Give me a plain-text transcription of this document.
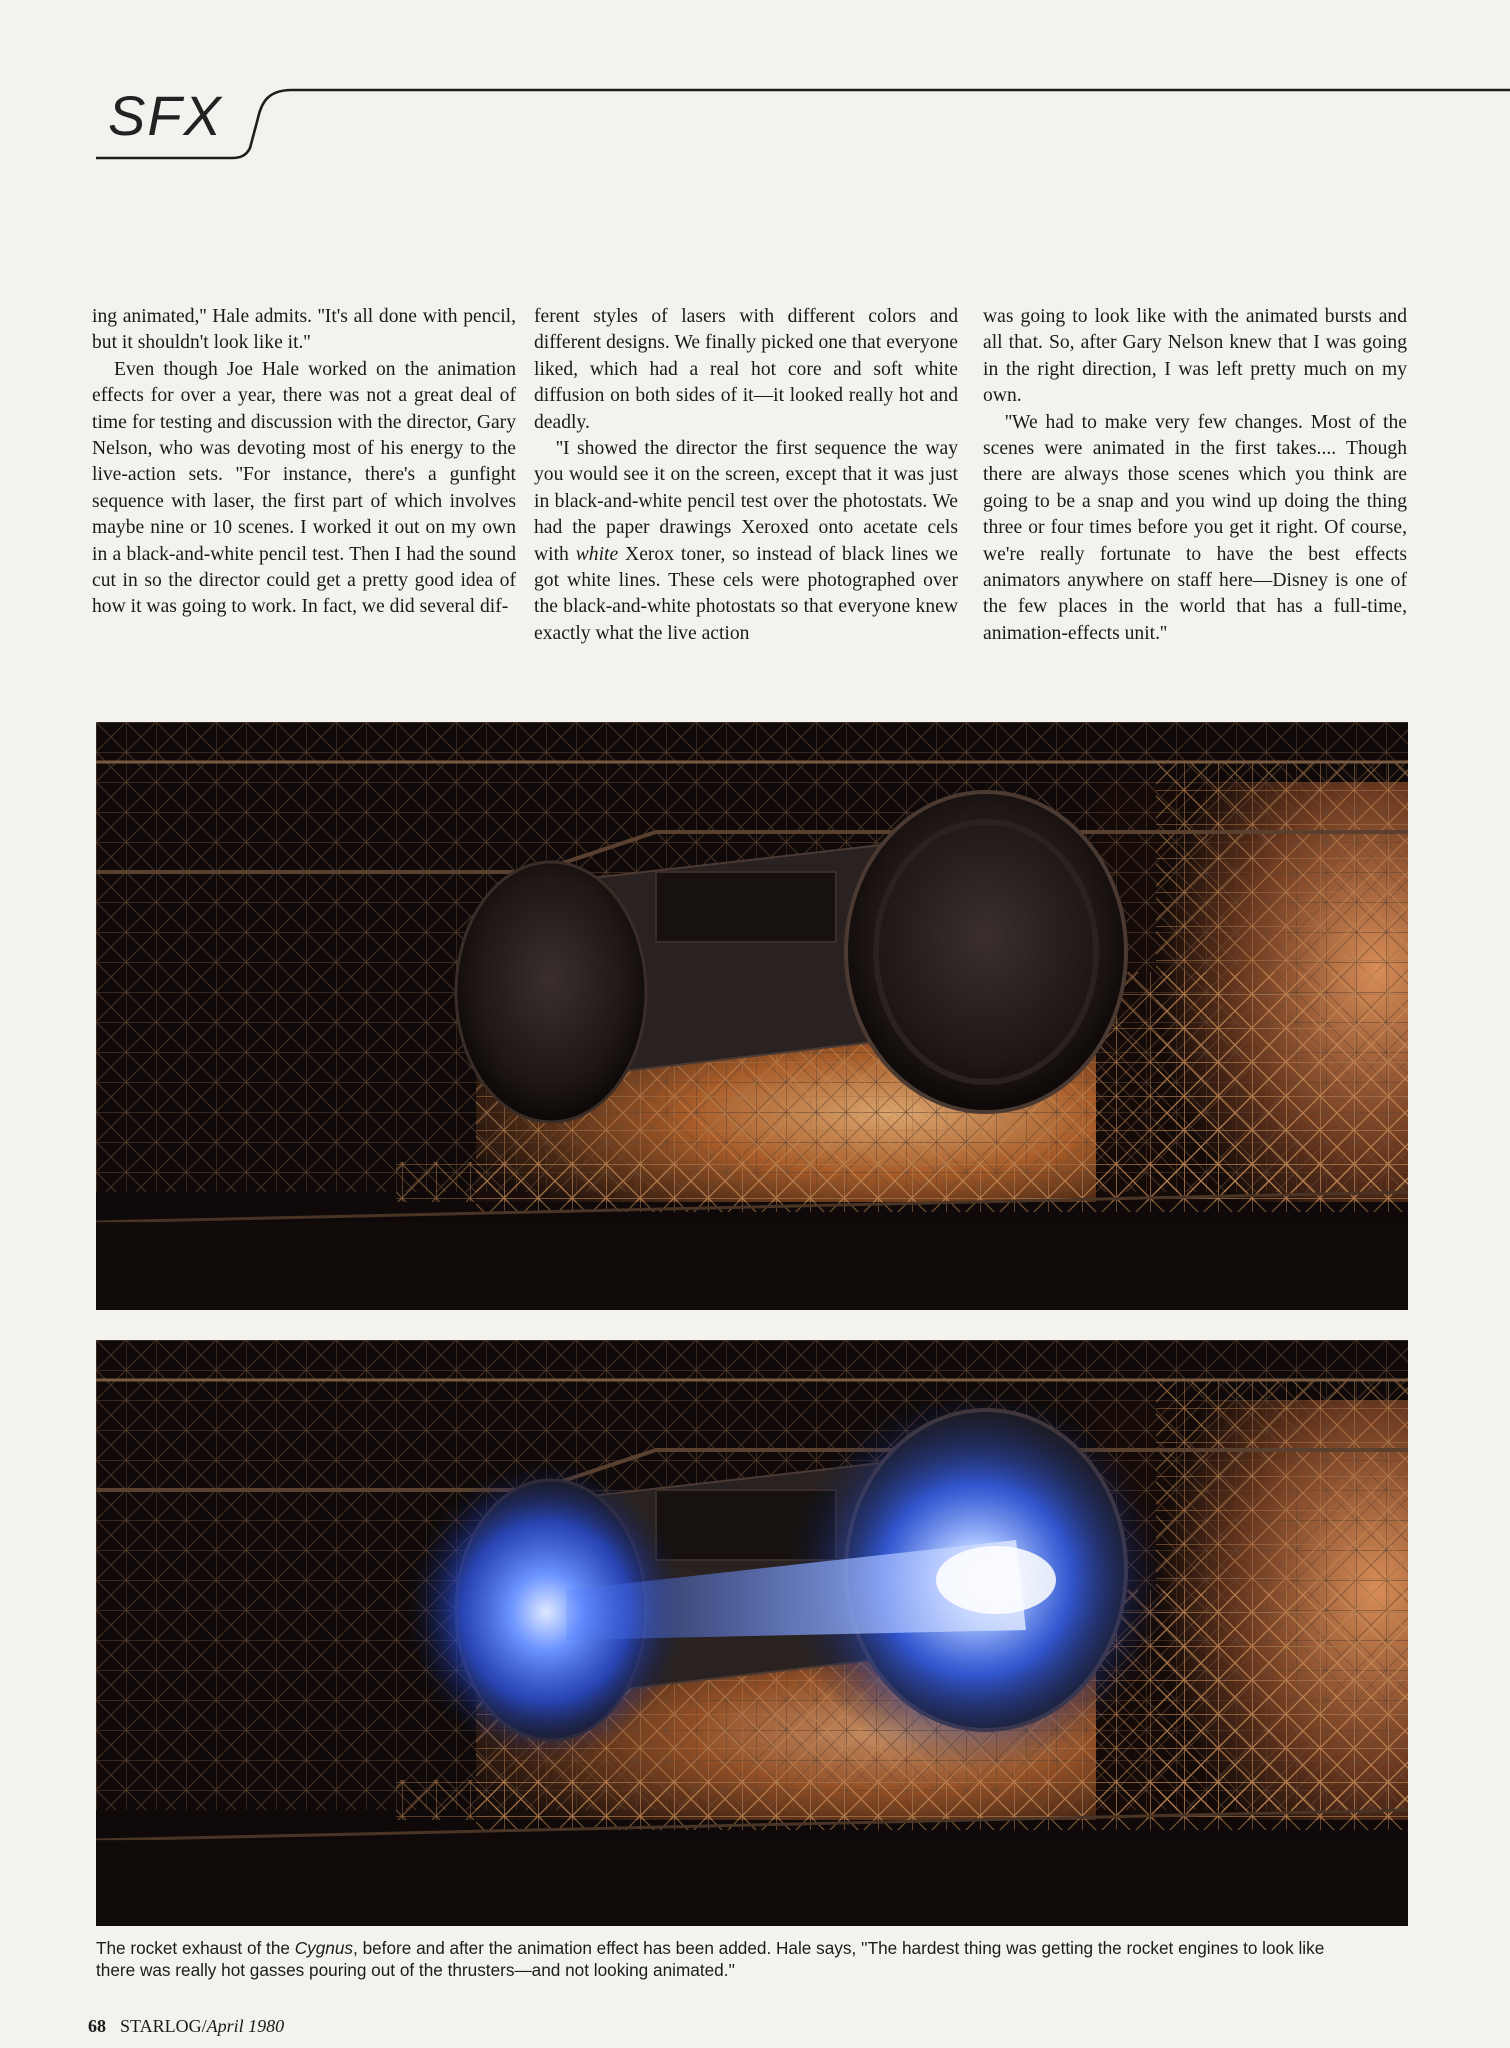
SFX

ing animated,'' Hale admits. ''It's all done with pencil, but it shouldn't look like it.''

Even though Joe Hale worked on the animation effects for over a year, there was not a great deal of time for testing and discussion with the director, Gary Nelson, who was devoting most of his energy to the live-action sets. ''For instance, there's a gunfight sequence with laser, the first part of which involves maybe nine or 10 scenes. I worked it out on my own in a black-and-white pencil test. Then I had the sound cut in so the director could get a pretty good idea of how it was going to work. In fact, we did several dif-

ferent styles of lasers with different colors and different designs. We finally picked one that everyone liked, which had a real hot core and soft white diffusion on both sides of it—it looked really hot and deadly.

''I showed the director the first sequence the way you would see it on the screen, except that it was just in black-and-white pencil test over the photostats. We had the paper drawings Xeroxed onto acetate cels with white Xerox toner, so instead of black lines we got white lines. These cels were photographed over the black-and-white photostats so that everyone knew exactly what the live action

was going to look like with the animated bursts and all that. So, after Gary Nelson knew that I was going in the right direction, I was left pretty much on my own.

''We had to make very few changes. Most of the scenes were animated in the first takes.... Though there are always those scenes which you think are going to be a snap and you wind up doing the thing three or four times before you get it right. Of course, we're really fortunate to have the best effects animators anywhere on staff here—Disney is one of the few places in the world that has a full-time, animation-effects unit.''

The rocket exhaust of the Cygnus, before and after the animation effect has been added. Hale says, ''The hardest thing was getting the rocket engines to look like there was really hot gasses pouring out of the thrusters—and not looking animated.''

68 STARLOG/April 1980
